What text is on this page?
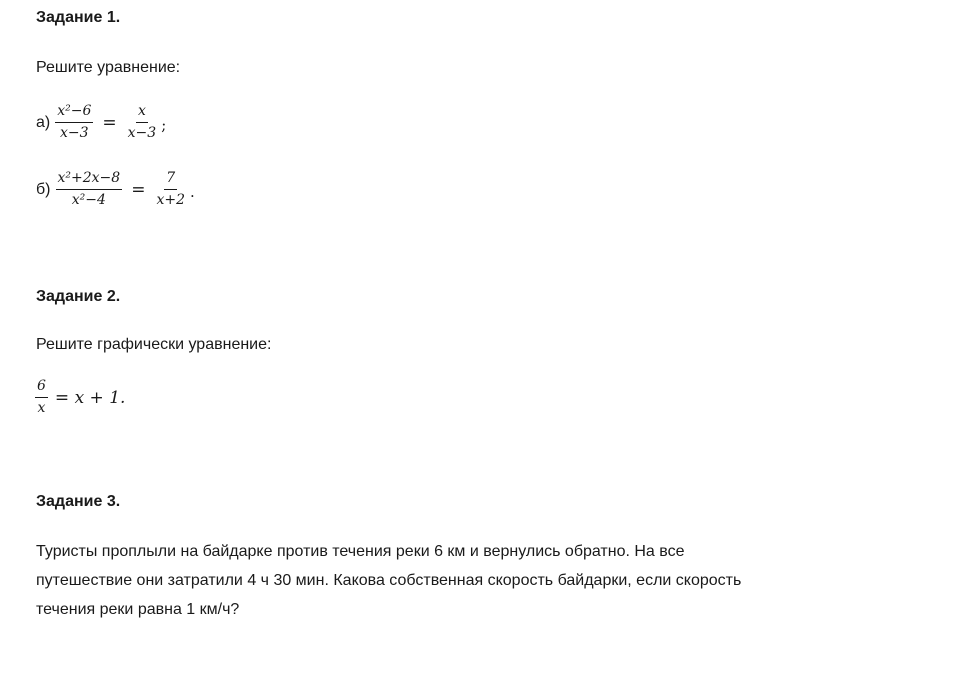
Задание 1.
Решите уравнение:
$а) \frac{\text{x²−6}}{x-3} = \frac{x}{x-3}$ ;
$б) \frac{\text{x²+2x−8}}{\text{x²−4}} = \frac{7}{x+2}$ .
Задание 2.
Решите графически уравнение:
$\frac{6}{x} = x + 1$.
Задание 3.
Туристы проплыли на байдарке против течения реки 6 км и вернулись обратно. На все
путешествие они затратили 4 ч 30 мин. Какова собственная скорость байдарки, если скорость
течения реки равна 1 км/ч?
